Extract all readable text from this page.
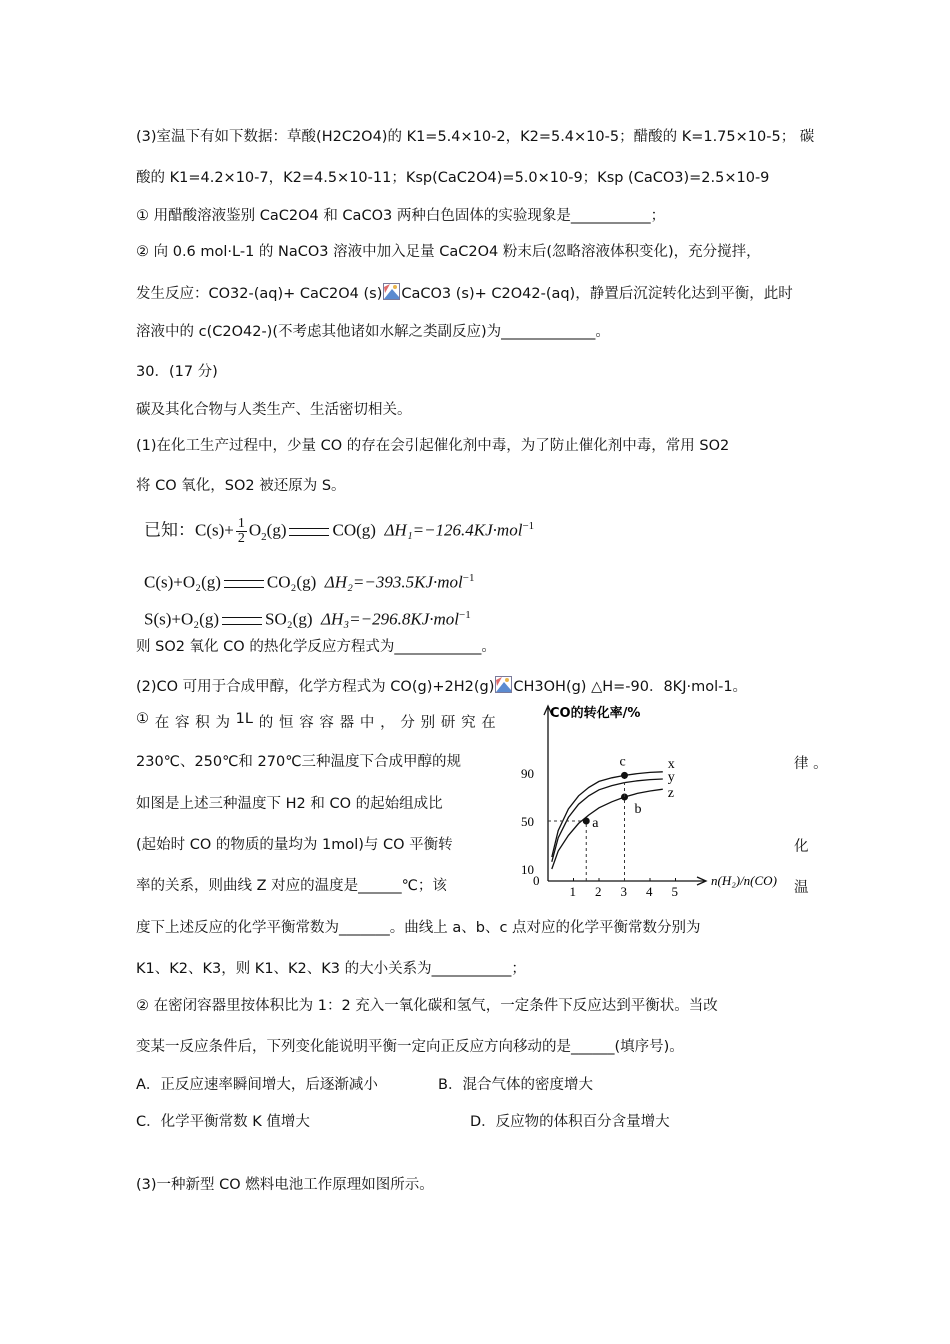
(3)室温下有如下数据：草酸(H2C2O4)的 K1=5.4×10-2，K2=5.4×10-5；醋酸的 K=1.75×10-5； 碳
酸的 K1=4.2×10-7，K2=4.5×10-11；Ksp(CaC2O4)=5.0×10-9；Ksp (CaCO3)=2.5×10-9
① 用醋酸溶液鉴别 CaC2O4 和 CaCO3 两种白色固体的实验现象是___________；
② 向 0.6 mol·L-1 的 NaCO3 溶液中加入足量 CaC2O4 粉末后(忽略溶液体积变化)，充分搅拌，
发生反应：CO32-(aq)+ CaC2O4 (s) CaCO3 (s)+ C2O42-(aq)，静置后沉淀转化达到平衡，此时
溶液中的 c(C2O42-)(不考虑其他诸如水解之类副反应)为_____________。
30．(17 分)
碳及其化合物与人类生产、生活密切相关。
(1)在化工生产过程中，少量 CO 的存在会引起催化剂中毒，为了防止催化剂中毒，常用 SO2
将 CO 氧化，SO2 被还原为 S。
已知：$C(s)+ \frac{1}{2} O_2(g)$	CO(g) ΔH₁=−126.4KJ·mol$^{-1}$
C(s)+O₂(g)	CO₂(g) ΔH₂=−393.5KJ·mol$^{-1}$
S(s)+O₂(g)	SO₂(g) ΔH₃=−296.8KJ·mol$^{-1}$
则 SO2 氧化 CO 的热化学反应方程式为____________。
(2)CO 可用于合成甲醇，化学方程式为 CO(g)+2H2(g) CH3OH(g) △H=-90．8KJ·mol-1。
① 在 容 积 为 1L 的 恒 容 容 器 中 ， 分 别 研 究 在
230℃、250℃和 270℃三种温度下合成甲醇的规	律 。
如图是上述三种温度下 H2 和 CO 的起始组成比
(起始时 CO 的物质的量均为 1mol)与 CO 平衡转	化
率的关系，则曲线 Z 对应的温度是______℃；该	温
CO的转化率/%
n(H₂)/n(CO)
0
1 2 3 4 5
10
50
90
x
y
z
a
b
c
度下上述反应的化学平衡常数为_______。曲线上 a、b、c 点对应的化学平衡常数分别为
K1、K2、K3，则 K1、K2、K3 的大小关系为___________；
② 在密闭容器里按体积比为 1：2 充入一氧化碳和氢气，一定条件下反应达到平衡状。当改
变某一反应条件后，下列变化能说明平衡一定向正反应方向移动的是______(填序号)。
A．正反应速率瞬间增大，后逐渐减小	B．混合气体的密度增大
C．化学平衡常数 K 值增大	D．反应物的体积百分含量增大
(3)一种新型 CO 燃料电池工作原理如图所示。
